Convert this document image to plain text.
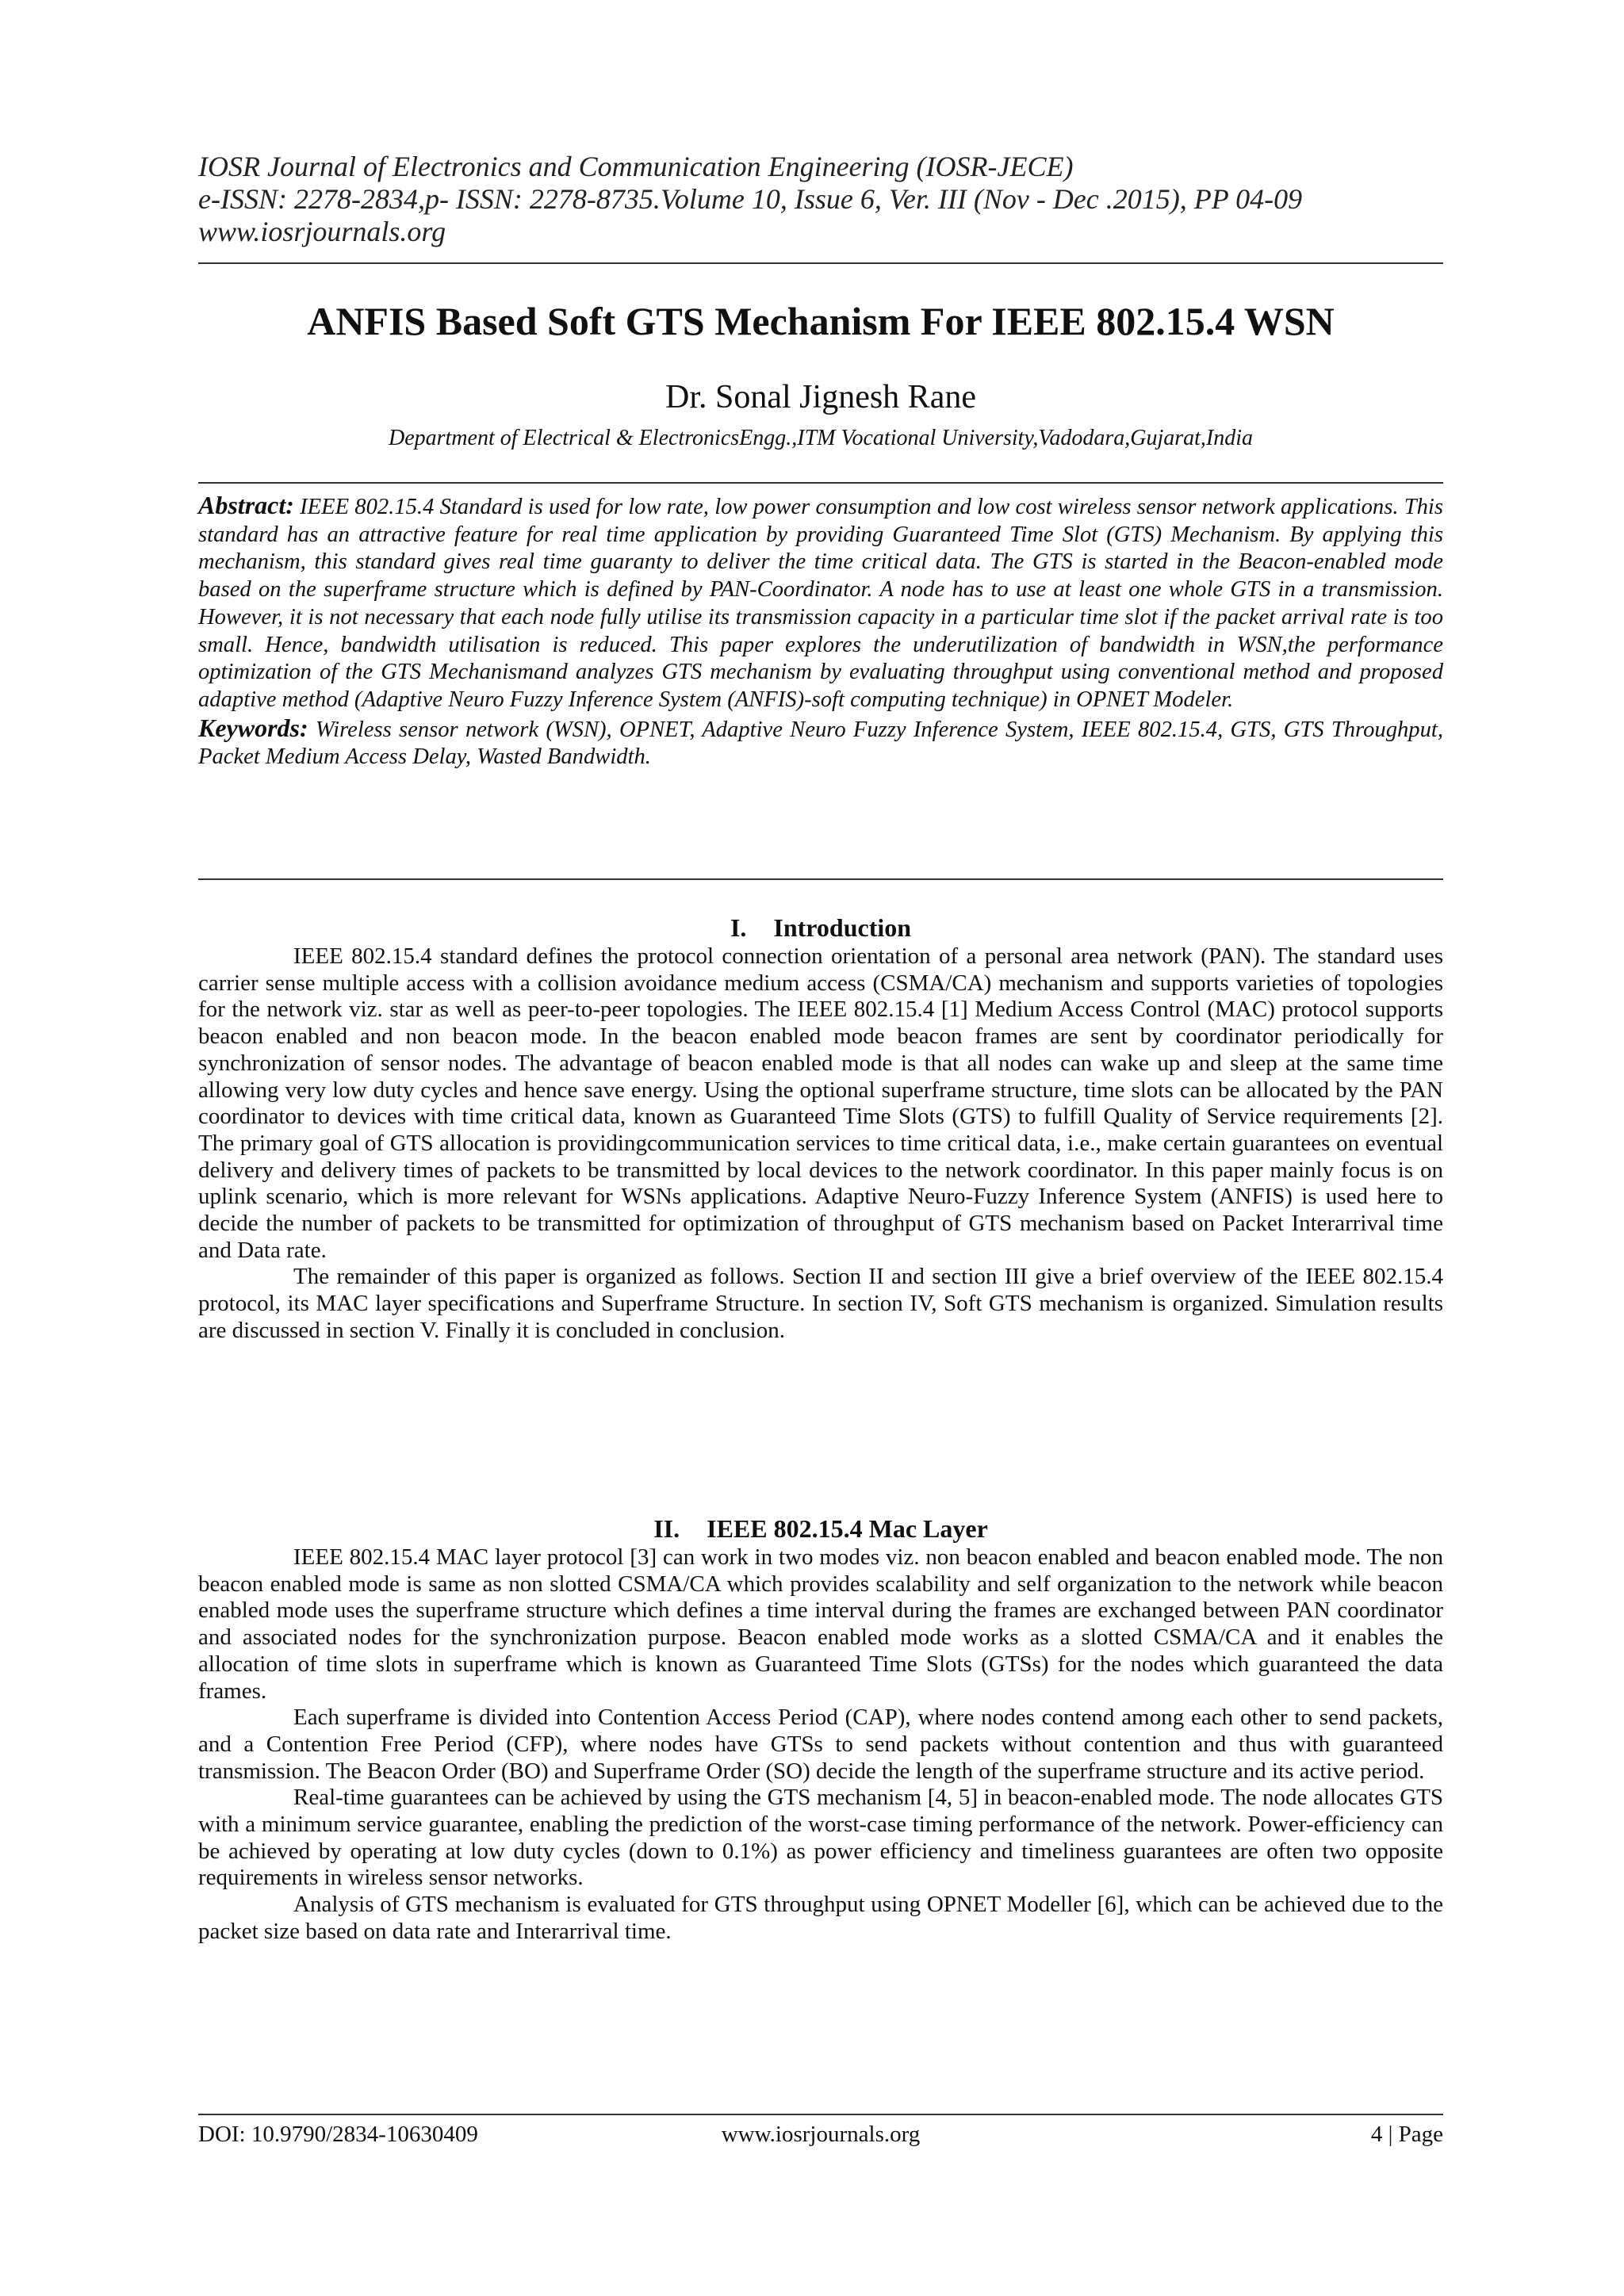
IOSR Journal of Electronics and Communication Engineering (IOSR-JECE)
e-ISSN: 2278-2834,p- ISSN: 2278-8735.Volume 10, Issue 6, Ver. III (Nov - Dec .2015), PP 04-09
www.iosrjournals.org
ANFIS Based Soft GTS Mechanism For IEEE 802.15.4 WSN
Dr. Sonal Jignesh Rane
Department of Electrical & ElectronicsEngg.,ITM Vocational University,Vadodara,Gujarat,India

Abstract: IEEE 802.15.4 Standard is used for low rate, low power consumption and low cost wireless sensor network applications. This standard has an attractive feature for real time application by providing Guaranteed Time Slot (GTS) Mechanism. By applying this mechanism, this standard gives real time guaranty to deliver the time critical data. The GTS is started in the Beacon-enabled mode based on the superframe structure which is defined by PAN-Coordinator. A node has to use at least one whole GTS in a transmission. However, it is not necessary that each node fully utilise its transmission capacity in a particular time slot if the packet arrival rate is too small. Hence, bandwidth utilisation is reduced. This paper explores the underutilization of bandwidth in WSN,the performance optimization of the GTS Mechanismand analyzes GTS mechanism by evaluating throughput using conventional method and proposed adaptive method (Adaptive Neuro Fuzzy Inference System (ANFIS)-soft computing technique) in OPNET Modeler.

Keywords: Wireless sensor network (WSN), OPNET, Adaptive Neuro Fuzzy Inference System, IEEE 802.15.4, GTS, GTS Throughput, Packet Medium Access Delay, Wasted Bandwidth.

I. Introduction

IEEE 802.15.4 standard defines the protocol connection orientation of a personal area network (PAN). The standard uses carrier sense multiple access with a collision avoidance medium access (CSMA/CA) mechanism and supports varieties of topologies for the network viz. star as well as peer-to-peer topologies. The IEEE 802.15.4 [1] Medium Access Control (MAC) protocol supports beacon enabled and non beacon mode. In the beacon enabled mode beacon frames are sent by coordinator periodically for synchronization of sensor nodes. The advantage of beacon enabled mode is that all nodes can wake up and sleep at the same time allowing very low duty cycles and hence save energy. Using the optional superframe structure, time slots can be allocated by the PAN coordinator to devices with time critical data, known as Guaranteed Time Slots (GTS) to fulfill Quality of Service requirements [2]. The primary goal of GTS allocation is providingcommunication services to time critical data, i.e., make certain guarantees on eventual delivery and delivery times of packets to be transmitted by local devices to the network coordinator. In this paper mainly focus is on uplink scenario, which is more relevant for WSNs applications. Adaptive Neuro-Fuzzy Inference System (ANFIS) is used here to decide the number of packets to be transmitted for optimization of throughput of GTS mechanism based on Packet Interarrival time and Data rate.

The remainder of this paper is organized as follows. Section II and section III give a brief overview of the IEEE 802.15.4 protocol, its MAC layer specifications and Superframe Structure. In section IV, Soft GTS mechanism is organized. Simulation results are discussed in section V. Finally it is concluded in conclusion.

II. IEEE 802.15.4 Mac Layer

IEEE 802.15.4 MAC layer protocol [3] can work in two modes viz. non beacon enabled and beacon enabled mode. The non beacon enabled mode is same as non slotted CSMA/CA which provides scalability and self organization to the network while beacon enabled mode uses the superframe structure which defines a time interval during the frames are exchanged between PAN coordinator and associated nodes for the synchronization purpose. Beacon enabled mode works as a slotted CSMA/CA and it enables the allocation of time slots in superframe which is known as Guaranteed Time Slots (GTSs) for the nodes which guaranteed the data frames.

Each superframe is divided into Contention Access Period (CAP), where nodes contend among each other to send packets, and a Contention Free Period (CFP), where nodes have GTSs to send packets without contention and thus with guaranteed transmission. The Beacon Order (BO) and Superframe Order (SO) decide the length of the superframe structure and its active period.

Real-time guarantees can be achieved by using the GTS mechanism [4, 5] in beacon-enabled mode. The node allocates GTS with a minimum service guarantee, enabling the prediction of the worst-case timing performance of the network. Power-efficiency can be achieved by operating at low duty cycles (down to 0.1%) as power efficiency and timeliness guarantees are often two opposite requirements in wireless sensor networks.

Analysis of GTS mechanism is evaluated for GTS throughput using OPNET Modeller [6], which can be achieved due to the packet size based on data rate and Interarrival time.

DOI: 10.9790/2834-10630409	www.iosrjournals.org	4 | Page
